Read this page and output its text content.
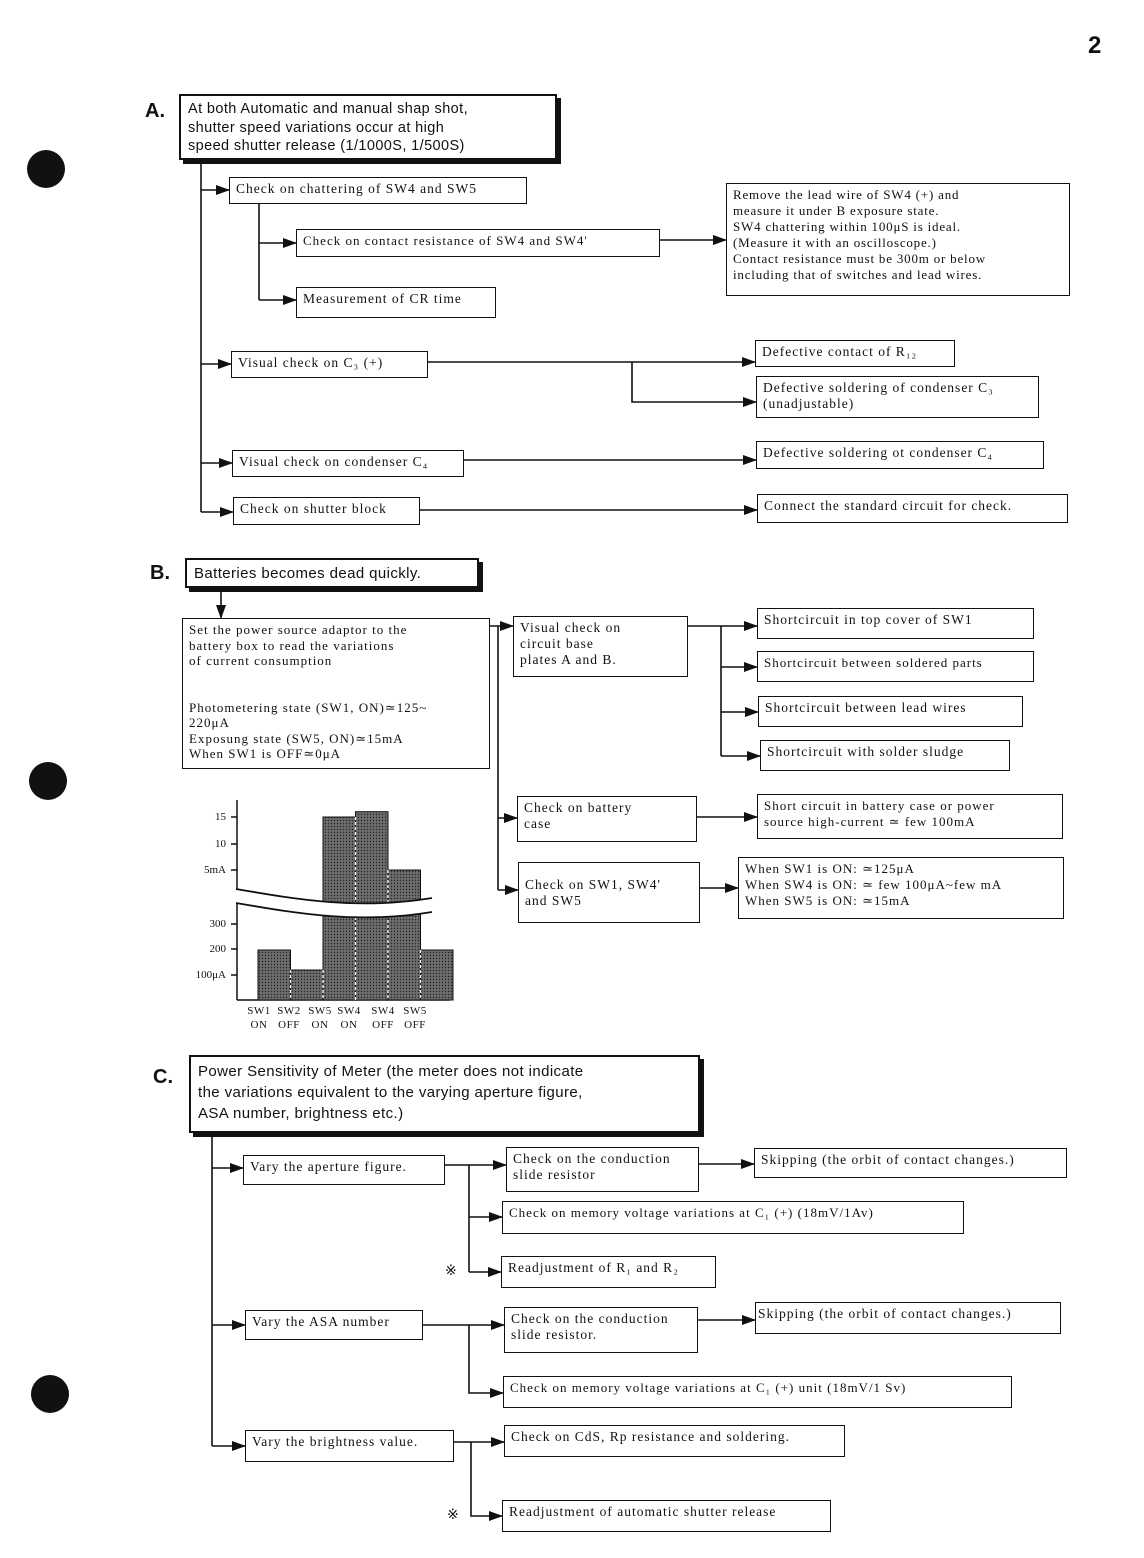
2
15
10
5mA
300
200
100μA
SW1
ON
SW2
OFF
SW5
ON
SW4
ON
SW4
OFF
SW5
OFF
A.	At both Automatic and manual shap shot,
shutter speed variations occur at high
speed shutter release (1/1000S, 1/500S)
Check on chattering of SW4 and SW5
Check on contact resistance of SW4 and SW4'
Measurement of CR time
Remove the lead wire of SW4 (+) and
measure it under B exposure state.
SW4 chattering within 100μS is ideal.
(Measure it with an oscilloscope.)
Contact resistance must be 300m or below
including that of switches and lead wires.
Visual check on C₃ (+)
Defective contact of R₁₂
Defective soldering of condenser C₃
(unadjustable)
Visual check on condenser C₄
Defective soldering ot condenser C₄
Check on shutter block	Connect the standard circuit for check.
B.	Batteries becomes dead quickly.
Set the power source adaptor to the
battery box to read the variations
of current consumption

Photometering state (SW1, ON)≃125~
220μA
Exposung state (SW5, ON)≃15mA
When SW1 is OFF≃0μA
Visual check on
circuit base
plates A and B.
Shortcircuit in top cover of SW1
Shortcircuit between soldered parts
Shortcircuit between lead wires
Shortcircuit with solder sludge
Check on battery
case
Short circuit in battery case or power
source high-current ≃ few 100mA
Check on SW1, SW4'
and SW5
When SW1 is ON: ≃125μA
When SW4 is ON: ≃ few 100μA~few mA
When SW5 is ON: ≃15mA
C.	Power Sensitivity of Meter (the meter does not indicate
the variations equivalent to the varying aperture figure,
ASA number, brightness etc.)
Vary the aperture figure.
Check on the conduction
slide resistor
Skipping (the orbit of contact changes.)
Check on memory voltage variations at C₁ (+) (18mV/1Av)
※	Readjustment of R₁ and R₂
Vary the ASA number	Check on the conduction
slide resistor.
Skipping (the orbit of contact changes.)
Check on memory voltage variations at C₁ (+) unit (18mV/1 Sv)
Vary the brightness value.	Check on CdS, Rp resistance and soldering.
※	Readjustment of automatic shutter release
